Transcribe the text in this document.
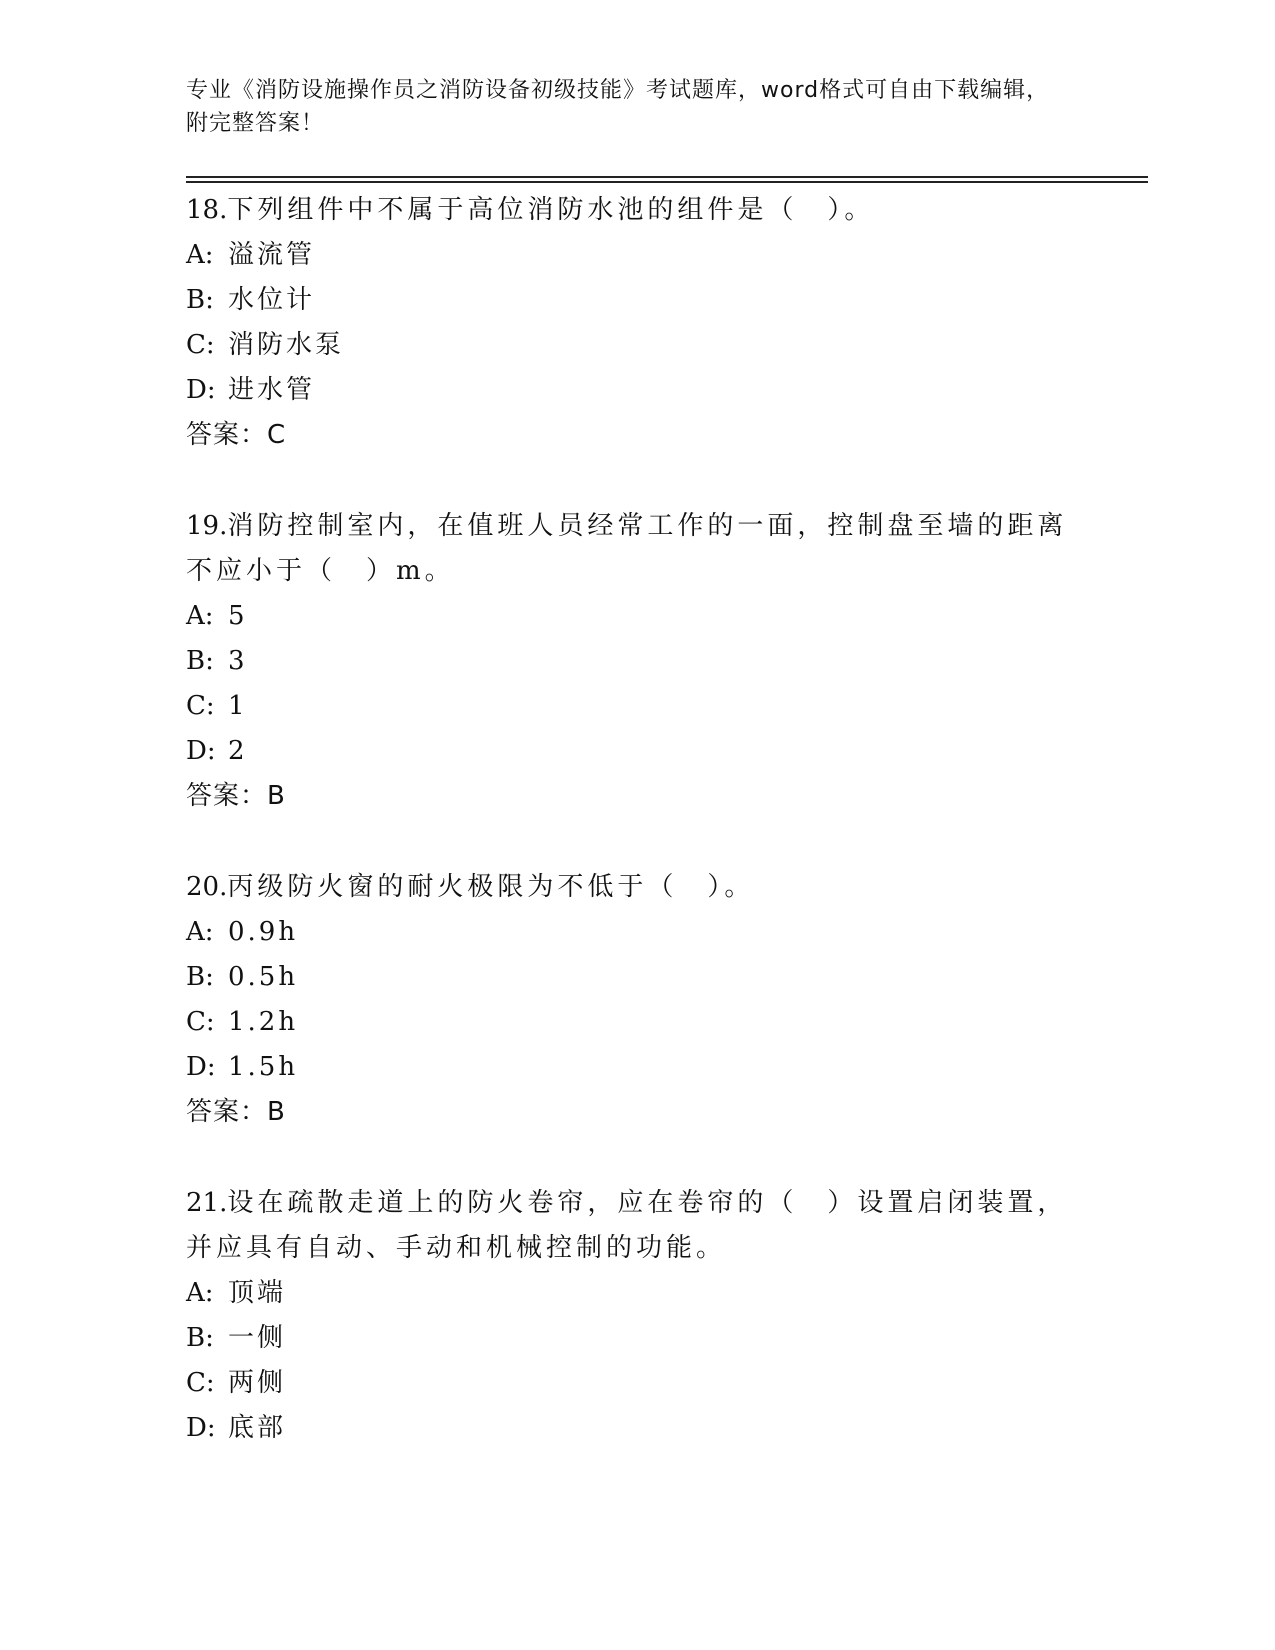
专业《消防设施操作员之消防设备初级技能》考试题库，word格式可自由下载编辑，附完整答案！

18.下列组件中不属于高位消防水池的组件是（　）。

A: 溢流管

B: 水位计

C: 消防水泵

D: 进水管

答案：C

19.消防控制室内，在值班人员经常工作的一面，控制盘至墙的距离不应小于（　）m。

A: 5

B: 3

C: 1

D: 2

答案：B

20.丙级防火窗的耐火极限为不低于（　）。

A: 0.9h

B: 0.5h

C: 1.2h

D: 1.5h

答案：B

21.设在疏散走道上的防火卷帘，应在卷帘的（　）设置启闭装置，并应具有自动、手动和机械控制的功能。

A: 顶端

B: 一侧

C: 两侧

D: 底部
